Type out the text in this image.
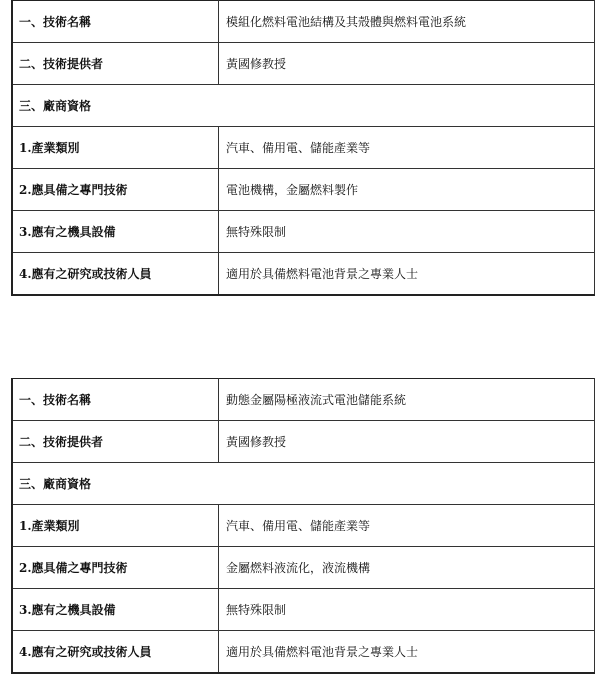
一、技術名稱	模組化燃料電池結構及其殼體與燃料電池系統
二、技術提供者	黃國修教授
三、廠商資格	
1.產業類別	汽車、備用電、儲能產業等
2.應具備之專門技術	電池機構，金屬燃料製作
3.應有之機具設備	無特殊限制
4.應有之研究或技術人員	適用於具備燃料電池背景之專業人士
一、技術名稱	動態金屬陽極液流式電池儲能系統
二、技術提供者	黃國修教授
三、廠商資格	
1.產業類別	汽車、備用電、儲能產業等
2.應具備之專門技術	金屬燃料液流化，液流機構
3.應有之機具設備	無特殊限制
4.應有之研究或技術人員	適用於具備燃料電池背景之專業人士
